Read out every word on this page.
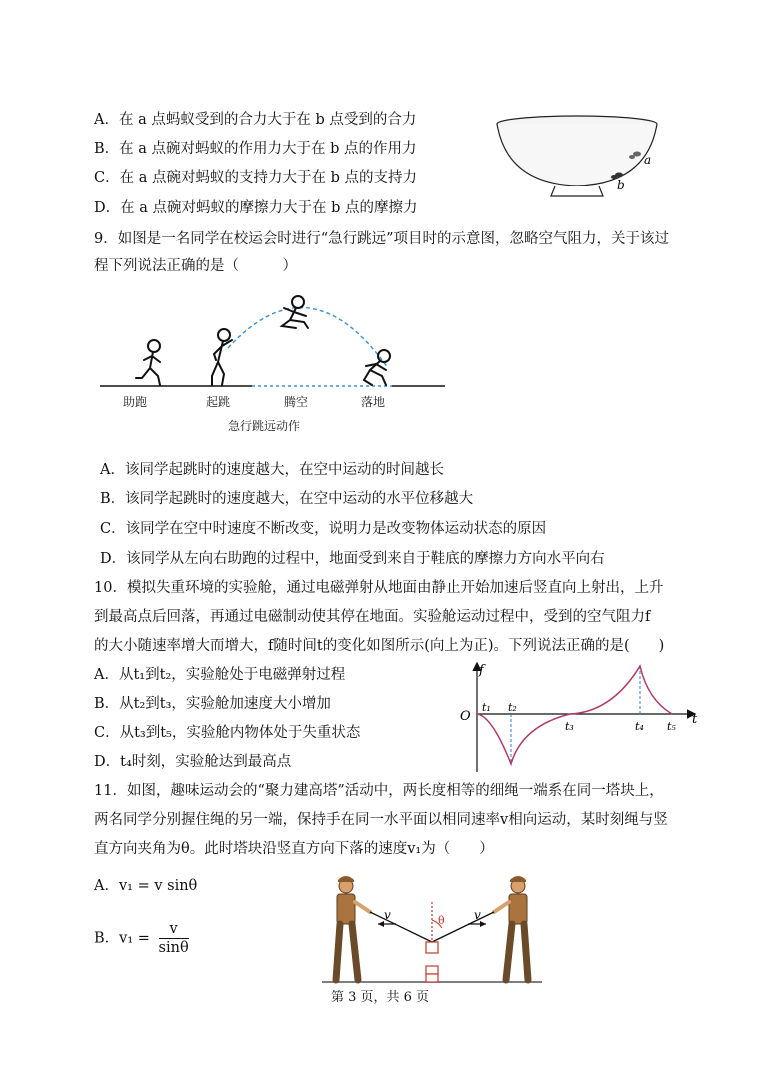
A．在 a 点蚂蚁受到的合力大于在 b 点受到的合力
B．在 a 点碗对蚂蚁的作用力大于在 b 点的作用力
C．在 a 点碗对蚂蚁的支持力大于在 b 点的支持力
D．在 a 点碗对蚂蚁的摩擦力大于在 b 点的摩擦力
a
b
9．如图是一名同学在校运会时进行“急行跳远”项目时的示意图，忽略空气阻力，关于该过
程下列说法正确的是（　　　）
助跑	起跳	腾空	落地
急行跳远动作
A．该同学起跳时的速度越大，在空中运动的时间越长
B．该同学起跳时的速度越大，在空中运动的水平位移越大
C．该同学在空中时速度不断改变，说明力是改变物体运动状态的原因
D．该同学从左向右助跑的过程中，地面受到来自于鞋底的摩擦力方向水平向右
10．模拟失重环境的实验舱，通过电磁弹射从地面由静止开始加速后竖直向上射出，上升
到最高点后回落，再通过电磁制动使其停在地面。实验舱运动过程中，受到的空气阻力f
的大小随速率增大而增大，f随时间t的变化如图所示(向上为正)。下列说法正确的是(　　)
A．从t₁到t₂，实验舱处于电磁弹射过程
B．从t₂到t₃，实验舱加速度大小增加
C．从t₃到t₅，实验舱内物体处于失重状态
D．t₄时刻，实验舱达到最高点
f
t
O
t₁ t₂
t₃	t₄ t₅
11．如图，趣味运动会的“聚力建高塔”活动中，两长度相等的细绳一端系在同一塔块上，
两名同学分别握住绳的另一端，保持手在同一水平面以相同速率v相向运动，某时刻绳与竖
直方向夹角为θ。此时塔块沿竖直方向下落的速度v₁为（　　）
A．v₁ = v sinθ
B．$v_1 = \frac{v}{\sin\theta}$
v	v
θ
第 3 页，共 6 页
